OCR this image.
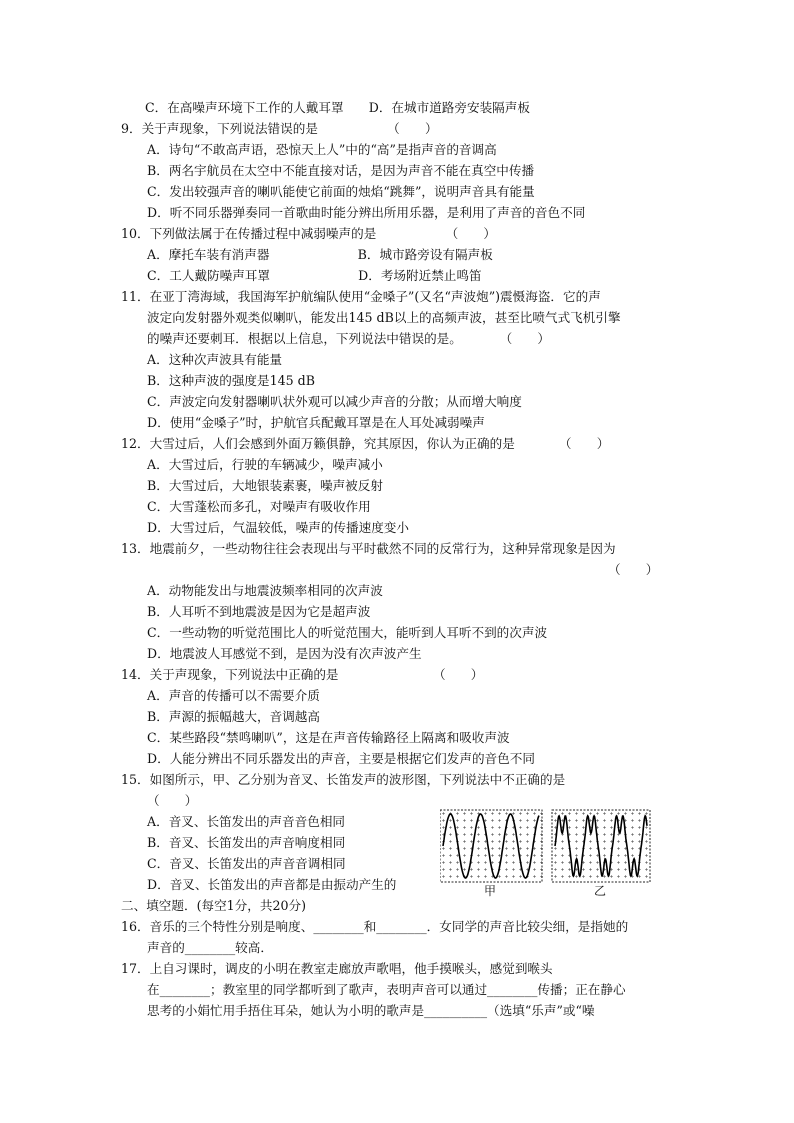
C．在高噪声环境下工作的人戴耳罩　　D．在城市道路旁安装隔声板
9．关于声现象，下列说法错误的是　　　　　　（　　）
A．诗句“不敢高声语，恐惊天上人”中的“高”是指声音的音调高
B．两名宇航员在太空中不能直接对话，是因为声音不能在真空中传播
C．发出较强声音的喇叭能使它前面的烛焰“跳舞”，说明声音具有能量
D．听不同乐器弹奏同一首歌曲时能分辨出所用乐器，是利用了声音的音色不同
10．下列做法属于在传播过程中减弱噪声的是　　　　　　（　　）
A．摩托车装有消声器　　　　　　　B．城市路旁设有隔声板
C．工人戴防噪声耳罩　　　　　　　D．考场附近禁止鸣笛
11．在亚丁湾海域，我国海军护航编队使用“金嗓子”(又名“声波炮”)震慑海盗．它的声
波定向发射器外观类似喇叭，能发出145 dB以上的高频声波，甚至比喷气式飞机引擎
的噪声还要刺耳．根据以上信息，下列说法中错误的是。　　　　（　　）
A．这种次声波具有能量
B．这种声波的强度是145 dB
C．声波定向发射器喇叭状外观可以减少声音的分散；从而增大响度
D．使用“金嗓子”时，护航官兵配戴耳罩是在人耳处减弱噪声
12．大雪过后，人们会感到外面万籁俱静，究其原因，你认为正确的是　　　　（　　）
A．大雪过后，行驶的车辆减少，噪声减小
B．大雪过后，大地银装素裹，噪声被反射
C．大雪蓬松而多孔，对噪声有吸收作用
D．大雪过后，气温较低，噪声的传播速度变小
13．地震前夕，一些动物往往会表现出与平时截然不同的反常行为，这种异常现象是因为
（　　）
A．动物能发出与地震波频率相同的次声波
B．人耳听不到地震波是因为它是超声波
C．一些动物的听觉范围比人的听觉范围大，能听到人耳听不到的次声波
D．地震波人耳感觉不到，是因为没有次声波产生
14．关于声现象，下列说法中正确的是　　　　　　　　（　　）
A．声音的传播可以不需要介质
B．声源的振幅越大，音调越高
C．某些路段“禁鸣喇叭”，这是在声音传输路径上隔离和吸收声波
D．人能分辨出不同乐器发出的声音，主要是根据它们发声的音色不同
15．如图所示，甲、乙分别为音叉、长笛发声的波形图，下列说法中不正确的是
（　　）
A．音叉、长笛发出的声音音色相同
B．音叉、长笛发出的声音响度相同
C．音叉、长笛发出的声音音调相同
D．音叉、长笛发出的声音都是由振动产生的
二、填空题．(每空1分，共20分)
16．音乐的三个特性分别是响度、________和________．女同学的声音比较尖细，是指她的
声音的________较高．
17．上自习课时，调皮的小明在教室走廊放声歌唱，他手摸喉头，感觉到喉头
在________；教室里的同学都听到了歌声，表明声音可以通过________传播；正在静心
思考的小娟忙用手捂住耳朵，她认为小明的歌声是__________（选填“乐声”或“噪
甲	乙
